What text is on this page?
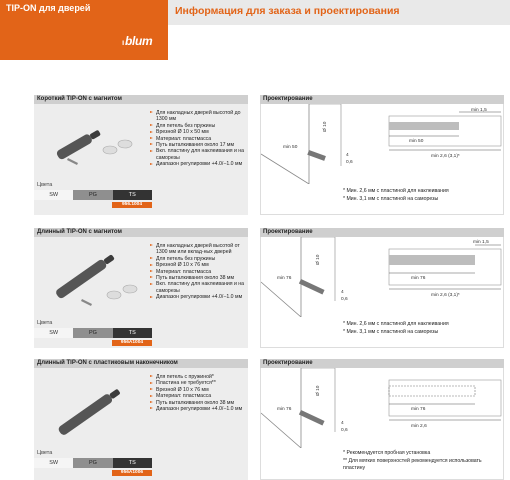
TIP-ON для дверей
ıblum
Информация для заказа и проектирования
Короткий TIP-ON с магнитом	Проектирование
Для накладных дверей высотой до 1300 мм
Для петель без пружины
Врезной Ø 10 x 50 мм
Материал: пластмасса
Путь выталкивания около 17 мм
Вкл. пластину для наклеивания и на саморезы
Диапазон регулировки +4.0/−1.0 мм
Цвета
SW	PG	TS
956.1004
Ø 10
4
0,6
min 50
min 1,5
min 50
min 2,6 (3,1)*
* Мин. 2,6 мм с пластиной для наклеивания
* Мин. 3,1 мм с пластиной на саморезы
Длинный TIP-ON с магнитом	Проектирование
Для накладных дверей высотой от 1300 мм или вклад-ных дверей
Для петель без пружины
Врезной Ø 10 x 76 мм
Материал: пластмасса
Путь выталкивания около 38 мм
Вкл. пластину для наклеивания и на саморезы
Диапазон регулировки +4.0/−1.0 мм
Цвета
SW	PG	TS
956A1004
Ø 10
4
0,6
min 76
min 1,5
min 76
min 2,6 (3,1)*
* Мин. 2,6 мм с пластиной для наклеивания
* Мин. 3,1 мм с пластиной на саморезы
Длинный TIP-ON с пластиковым наконечником	Проектирование
Для петель с пружиной*
Пластина не требуется**
Врезной Ø 10 x 76 мм
Материал: пластмасса
Путь выталкивания около 38 мм
Диапазон регулировки +4.0/−1.0 мм
Цвета
SW	PG	TS
956A1006
Ø 10
4
0,6
min 76	min 76
min 2,6
* Рекомендуется пробная установка
** Для мягких поверхностей рекомендуется использовать пластину
